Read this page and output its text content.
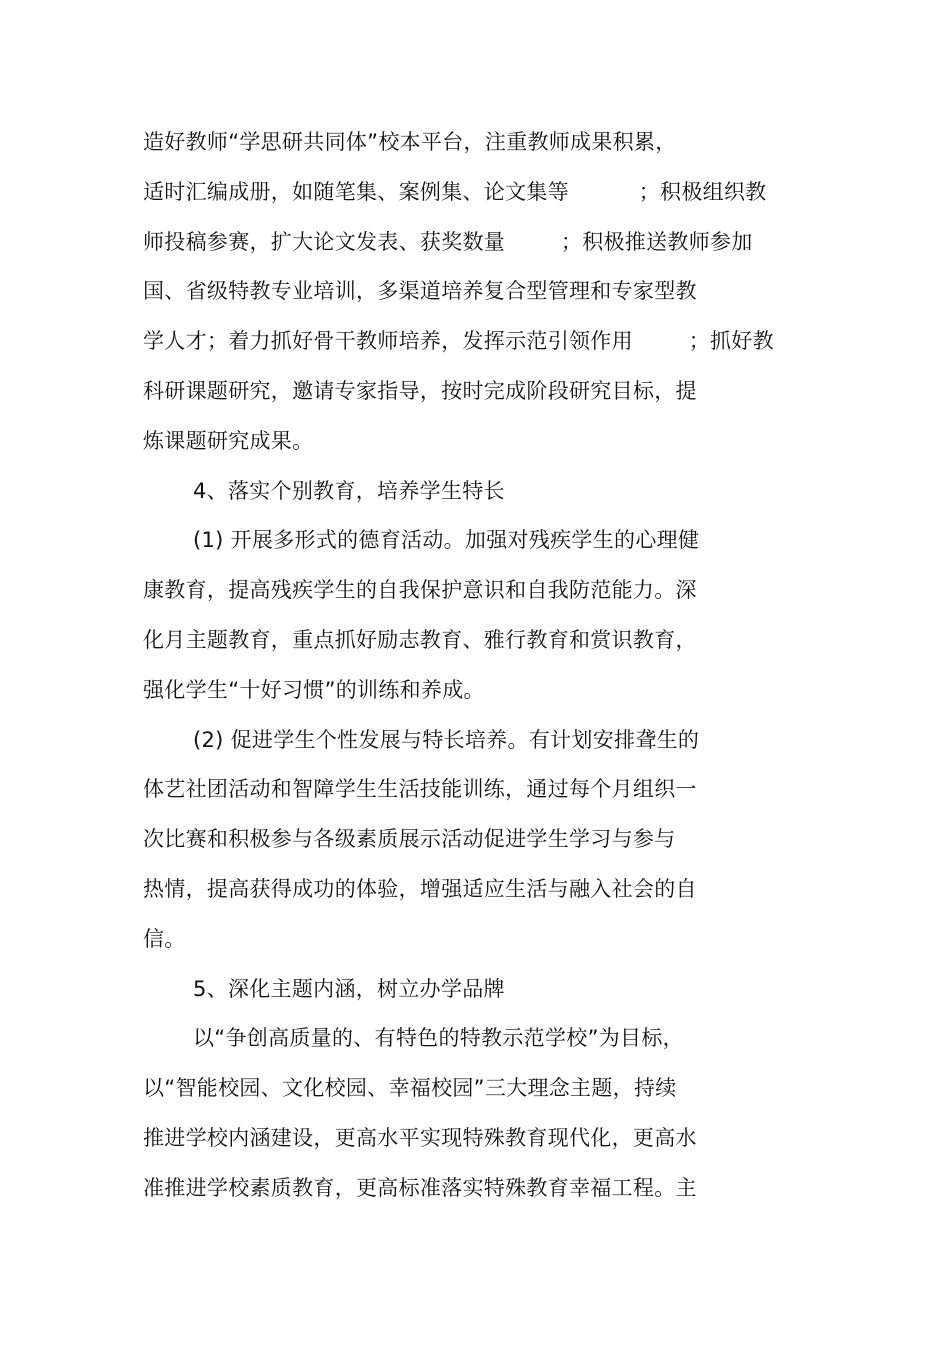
造好教师“学思研共同体”校本平台，注重教师成果积累，
适时汇编成册，如随笔集、案例集、论文集等          ；积极组织教
师投稿参赛，扩大论文发表、获奖数量        ；积极推送教师参加
国、省级特教专业培训，多渠道培养复合型管理和专家型教
学人才；着力抓好骨干教师培养，发挥示范引领作用        ；抓好教
科研课题研究，邀请专家指导，按时完成阶段研究目标，提
炼课题研究成果。
4、落实个别教育，培养学生特长
(1) 开展多形式的德育活动。加强对残疾学生的心理健
康教育，提高残疾学生的自我保护意识和自我防范能力。深
化月主题教育，重点抓好励志教育、雅行教育和赏识教育，
强化学生“十好习惯”的训练和养成。
(2) 促进学生个性发展与特长培养。有计划安排聋生的
体艺社团活动和智障学生生活技能训练，通过每个月组织一
次比赛和积极参与各级素质展示活动促进学生学习与参与
热情，提高获得成功的体验，增强适应生活与融入社会的自
信。
5、深化主题内涵，树立办学品牌
以“争创高质量的、有特色的特教示范学校”为目标，
以“智能校园、文化校园、幸福校园”三大理念主题，持续
推进学校内涵建设，更高水平实现特殊教育现代化，更高水
准推进学校素质教育，更高标准落实特殊教育幸福工程。主
